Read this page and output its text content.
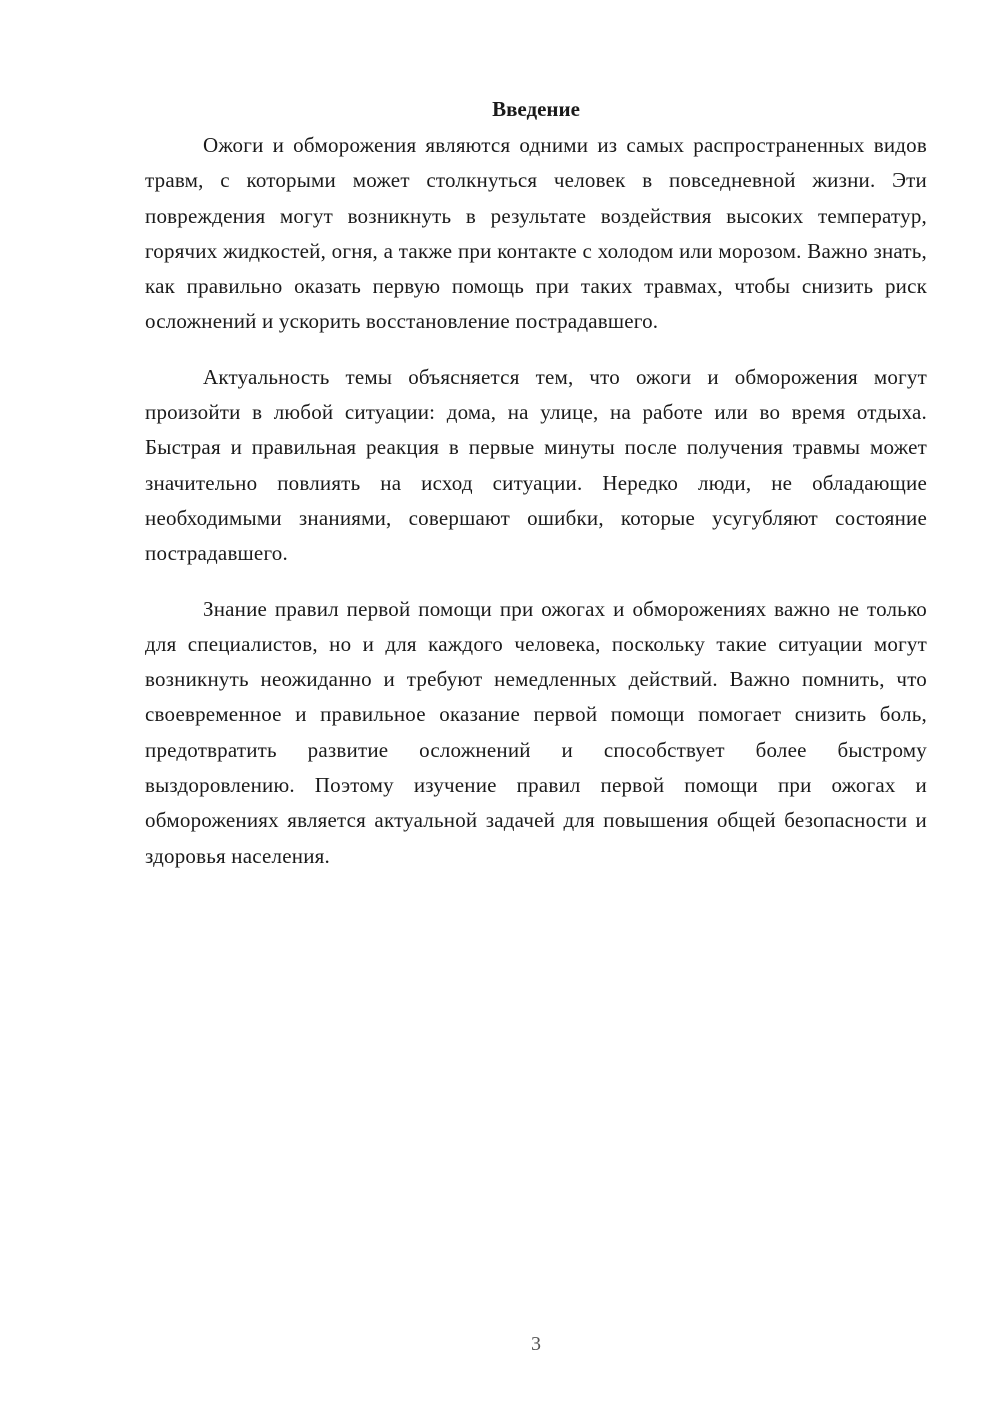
Введение

Ожоги и обморожения являются одними из самых распространенных видов травм, с которыми может столкнуться человек в повседневной жизни. Эти повреждения могут возникнуть в результате воздействия высоких температур, горячих жидкостей, огня, а также при контакте с холодом или морозом. Важно знать, как правильно оказать первую помощь при таких травмах, чтобы снизить риск осложнений и ускорить восстановление пострадавшего.

Актуальность темы объясняется тем, что ожоги и обморожения могут произойти в любой ситуации: дома, на улице, на работе или во время отдыха. Быстрая и правильная реакция в первые минуты после получения травмы может значительно повлиять на исход ситуации. Нередко люди, не обладающие необходимыми знаниями, совершают ошибки, которые усугубляют состояние пострадавшего.

Знание правил первой помощи при ожогах и обморожениях важно не только для специалистов, но и для каждого человека, поскольку такие ситуации могут возникнуть неожиданно и требуют немедленных действий. Важно помнить, что своевременное и правильное оказание первой помощи помогает снизить боль, предотвратить развитие осложнений и способствует более быстрому выздоровлению. Поэтому изучение правил первой помощи при ожогах и обморожениях является актуальной задачей для повышения общей безопасности и здоровья населения.

3
